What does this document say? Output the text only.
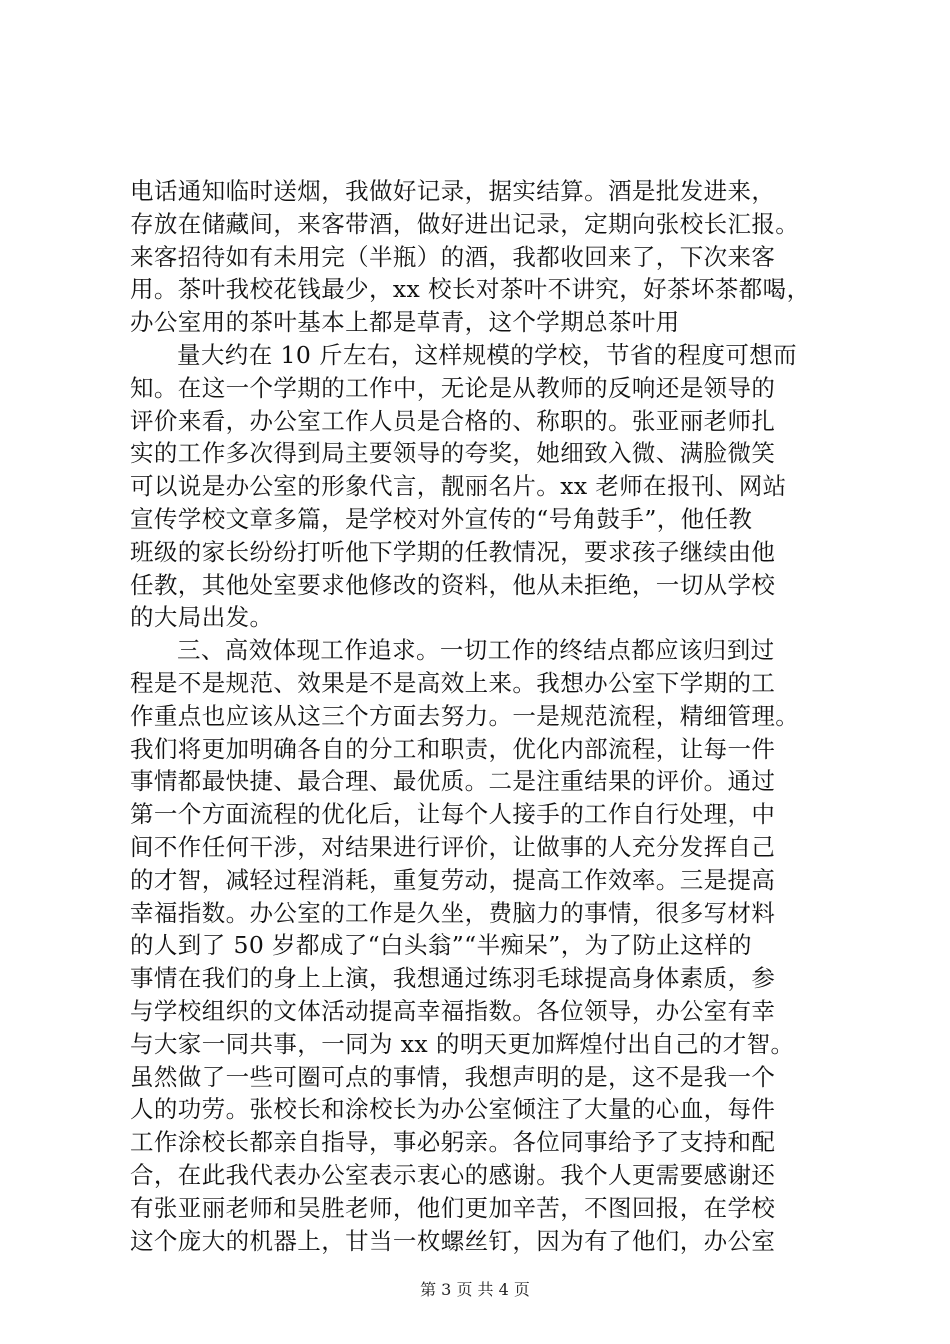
电话通知临时送烟，我做好记录，据实结算。酒是批发进来，
存放在储藏间，来客带酒，做好进出记录，定期向张校长汇报。
来客招待如有未用完（半瓶）的酒，我都收回来了，下次来客
用。茶叶我校花钱最少，xx 校长对茶叶不讲究，好茶坏茶都喝，
办公室用的茶叶基本上都是草青，这个学期总茶叶用
量大约在 10 斤左右，这样规模的学校，节省的程度可想而
知。在这一个学期的工作中，无论是从教师的反响还是领导的
评价来看，办公室工作人员是合格的、称职的。张亚丽老师扎
实的工作多次得到局主要领导的夸奖，她细致入微、满脸微笑
可以说是办公室的形象代言，靓丽名片。xx 老师在报刊、网站
宣传学校文章多篇，是学校对外宣传的“号角鼓手”，他任教
班级的家长纷纷打听他下学期的任教情况，要求孩子继续由他
任教，其他处室要求他修改的资料，他从未拒绝，一切从学校
的大局出发。
三、高效体现工作追求。一切工作的终结点都应该归到过
程是不是规范、效果是不是高效上来。我想办公室下学期的工
作重点也应该从这三个方面去努力。一是规范流程，精细管理。
我们将更加明确各自的分工和职责，优化内部流程，让每一件
事情都最快捷、最合理、最优质。二是注重结果的评价。通过
第一个方面流程的优化后，让每个人接手的工作自行处理，中
间不作任何干涉，对结果进行评价，让做事的人充分发挥自己
的才智，减轻过程消耗，重复劳动，提高工作效率。三是提高
幸福指数。办公室的工作是久坐，费脑力的事情，很多写材料
的人到了 50 岁都成了“白头翁”“半痴呆”，为了防止这样的
事情在我们的身上上演，我想通过练羽毛球提高身体素质，参
与学校组织的文体活动提高幸福指数。各位领导，办公室有幸
与大家一同共事，一同为 xx 的明天更加辉煌付出自己的才智。
虽然做了一些可圈可点的事情，我想声明的是，这不是我一个
人的功劳。张校长和涂校长为办公室倾注了大量的心血，每件
工作涂校长都亲自指导，事必躬亲。各位同事给予了支持和配
合，在此我代表办公室表示衷心的感谢。我个人更需要感谢还
有张亚丽老师和吴胜老师，他们更加辛苦，不图回报，在学校
这个庞大的机器上，甘当一枚螺丝钉，因为有了他们，办公室
第 3 页 共 4 页
